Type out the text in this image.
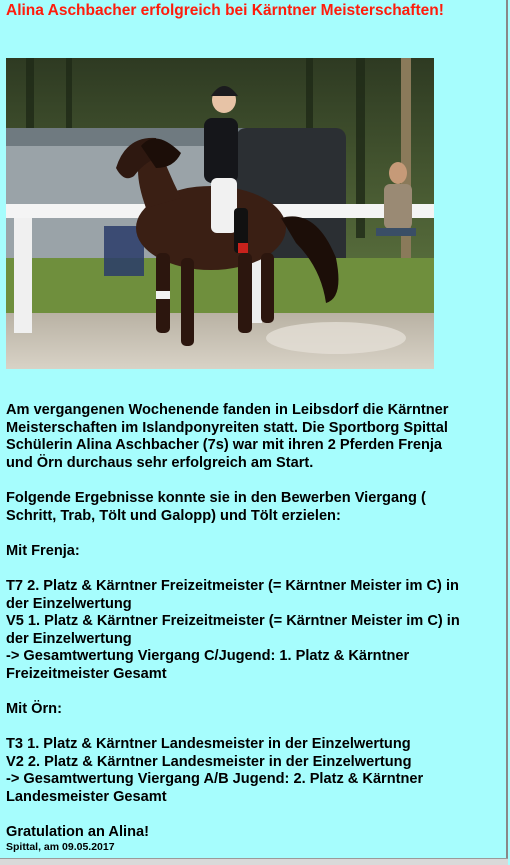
Alina Aschbacher erfolgreich bei Kärntner Meisterschaften!

Am vergangenen Wochenende fanden in Leibsdorf die Kärntner
Meisterschaften im Islandponyreiten statt. Die Sportborg Spittal
Schülerin Alina Aschbacher (7s) war mit ihren 2 Pferden Frenja
und Örn durchaus sehr erfolgreich am Start.

Folgende Ergebnisse konnte sie in den Bewerben Viergang (
Schritt, Trab, Tölt und Galopp) und Tölt erzielen:

Mit Frenja:

T7 2. Platz & Kärntner Freizeitmeister (= Kärntner Meister im C) in
der Einzelwertung
V5 1. Platz & Kärntner Freizeitmeister (= Kärntner Meister im C) in
der Einzelwertung
-> Gesamtwertung Viergang C/Jugend: 1. Platz & Kärntner
Freizeitmeister Gesamt

Mit Örn:

T3 1. Platz & Kärntner Landesmeister in der Einzelwertung
V2 2. Platz & Kärntner Landesmeister in der Einzelwertung
-> Gesamtwertung Viergang A/B Jugend: 2. Platz & Kärntner
Landesmeister Gesamt

Gratulation an Alina!

Spittal, am 09.05.2017
